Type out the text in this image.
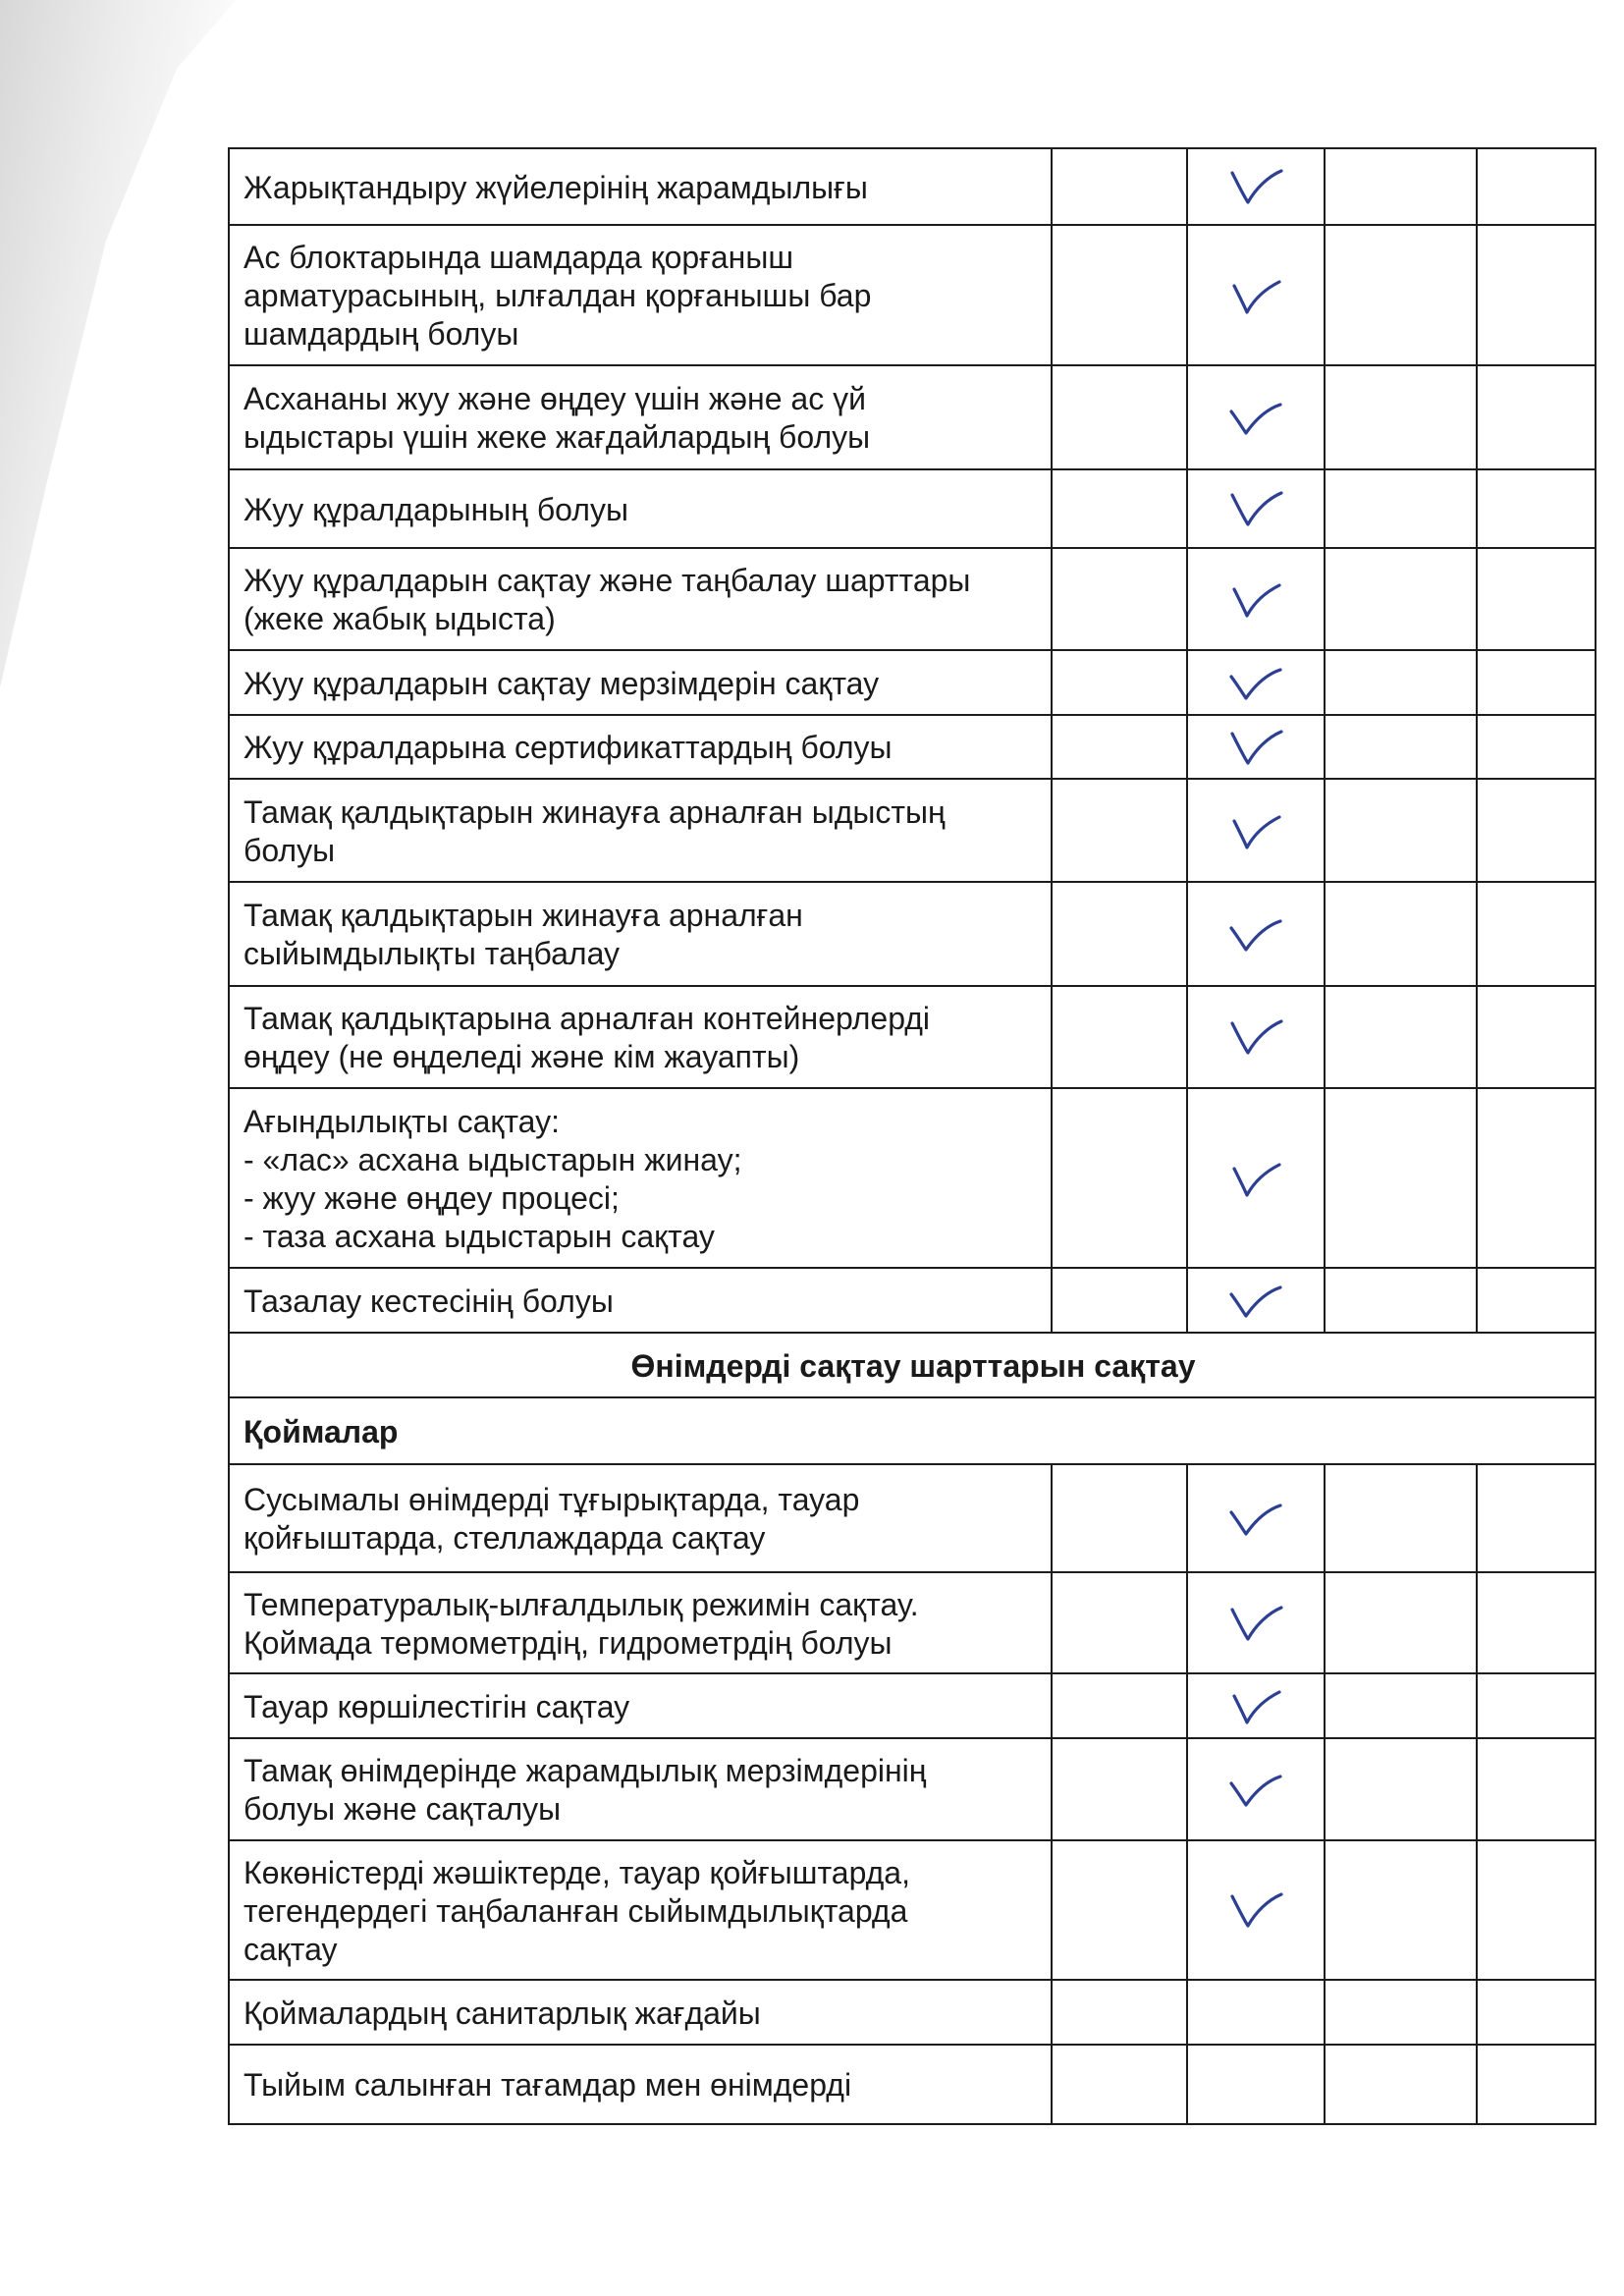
Жарықтандыру жүйелерінің жарамдылығы

Ас блоктарында шамдарда қорғаныш
арматурасының, ылғалдан қорғанышы бар
шамдардың болуы

Асхананы жуу және өңдеу үшін және ас үй
ыдыстары үшін жеке жағдайлардың болуы

Жуу құралдарының болуы

Жуу құралдарын сақтау және таңбалау шарттары
(жеке жабық ыдыста)

Жуу құралдарын сақтау мерзімдерін сақтау

Жуу құралдарына сертификаттардың болуы

Тамақ қалдықтарын жинауға арналған ыдыстың
болуы

Тамақ қалдықтарын жинауға арналған
сыйымдылықты таңбалау

Тамақ қалдықтарына арналған контейнерлерді
өңдеу (не өңделеді және кім жауапты)

Ағындылықты сақтау:
- «лас» асхана ыдыстарын жинау;
- жуу және өңдеу процесі;
- таза асхана ыдыстарын сақтау

Тазалау кестесінің болуы

Өнімдерді сақтау шарттарын сақтау				
Қоймалар				

Сусымалы өнімдерді тұғырықтарда, тауар
қойғыштарда, стеллаждарда сақтау

Температуралық-ылғалдылық режимін сақтау.
Қоймада термометрдің, гидрометрдің болуы

Тауар көршілестігін сақтау

Тамақ өнімдерінде жарамдылық мерзімдерінің
болуы және сақталуы

Көкөністерді жәшіктерде, тауар қойғыштарда,
тегендердегі таңбаланған сыйымдылықтарда
сақтау

Қоймалардың санитарлық жағдайы				

Тыйым салынған тағамдар мен өнімдерді				
